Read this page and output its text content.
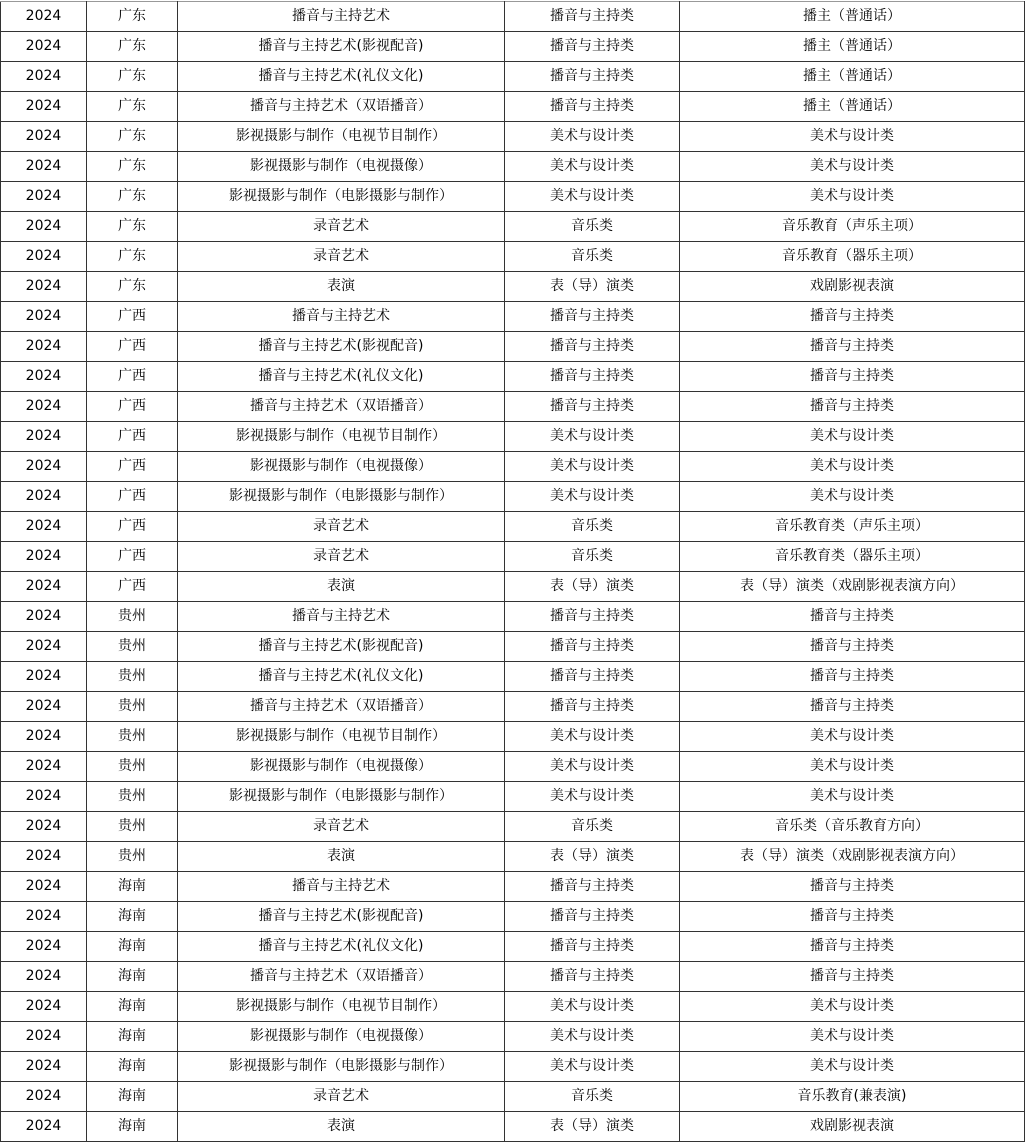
2024	广东	播音与主持艺术	播音与主持类	播主（普通话）
2024	广东	播音与主持艺术(影视配音)	播音与主持类	播主（普通话）
2024	广东	播音与主持艺术(礼仪文化)	播音与主持类	播主（普通话）
2024	广东	播音与主持艺术（双语播音）	播音与主持类	播主（普通话）
2024	广东	影视摄影与制作（电视节目制作）	美术与设计类	美术与设计类
2024	广东	影视摄影与制作（电视摄像）	美术与设计类	美术与设计类
2024	广东	影视摄影与制作（电影摄影与制作）	美术与设计类	美术与设计类
2024	广东	录音艺术	音乐类	音乐教育（声乐主项）
2024	广东	录音艺术	音乐类	音乐教育（器乐主项）
2024	广东	表演	表（导）演类	戏剧影视表演
2024	广西	播音与主持艺术	播音与主持类	播音与主持类
2024	广西	播音与主持艺术(影视配音)	播音与主持类	播音与主持类
2024	广西	播音与主持艺术(礼仪文化)	播音与主持类	播音与主持类
2024	广西	播音与主持艺术（双语播音）	播音与主持类	播音与主持类
2024	广西	影视摄影与制作（电视节目制作）	美术与设计类	美术与设计类
2024	广西	影视摄影与制作（电视摄像）	美术与设计类	美术与设计类
2024	广西	影视摄影与制作（电影摄影与制作）	美术与设计类	美术与设计类
2024	广西	录音艺术	音乐类	音乐教育类（声乐主项）
2024	广西	录音艺术	音乐类	音乐教育类（器乐主项）
2024	广西	表演	表（导）演类	表（导）演类（戏剧影视表演方向）
2024	贵州	播音与主持艺术	播音与主持类	播音与主持类
2024	贵州	播音与主持艺术(影视配音)	播音与主持类	播音与主持类
2024	贵州	播音与主持艺术(礼仪文化)	播音与主持类	播音与主持类
2024	贵州	播音与主持艺术（双语播音）	播音与主持类	播音与主持类
2024	贵州	影视摄影与制作（电视节目制作）	美术与设计类	美术与设计类
2024	贵州	影视摄影与制作（电视摄像）	美术与设计类	美术与设计类
2024	贵州	影视摄影与制作（电影摄影与制作）	美术与设计类	美术与设计类
2024	贵州	录音艺术	音乐类	音乐类（音乐教育方向）
2024	贵州	表演	表（导）演类	表（导）演类（戏剧影视表演方向）
2024	海南	播音与主持艺术	播音与主持类	播音与主持类
2024	海南	播音与主持艺术(影视配音)	播音与主持类	播音与主持类
2024	海南	播音与主持艺术(礼仪文化)	播音与主持类	播音与主持类
2024	海南	播音与主持艺术（双语播音）	播音与主持类	播音与主持类
2024	海南	影视摄影与制作（电视节目制作）	美术与设计类	美术与设计类
2024	海南	影视摄影与制作（电视摄像）	美术与设计类	美术与设计类
2024	海南	影视摄影与制作（电影摄影与制作）	美术与设计类	美术与设计类
2024	海南	录音艺术	音乐类	音乐教育(兼表演)
2024	海南	表演	表（导）演类	戏剧影视表演
